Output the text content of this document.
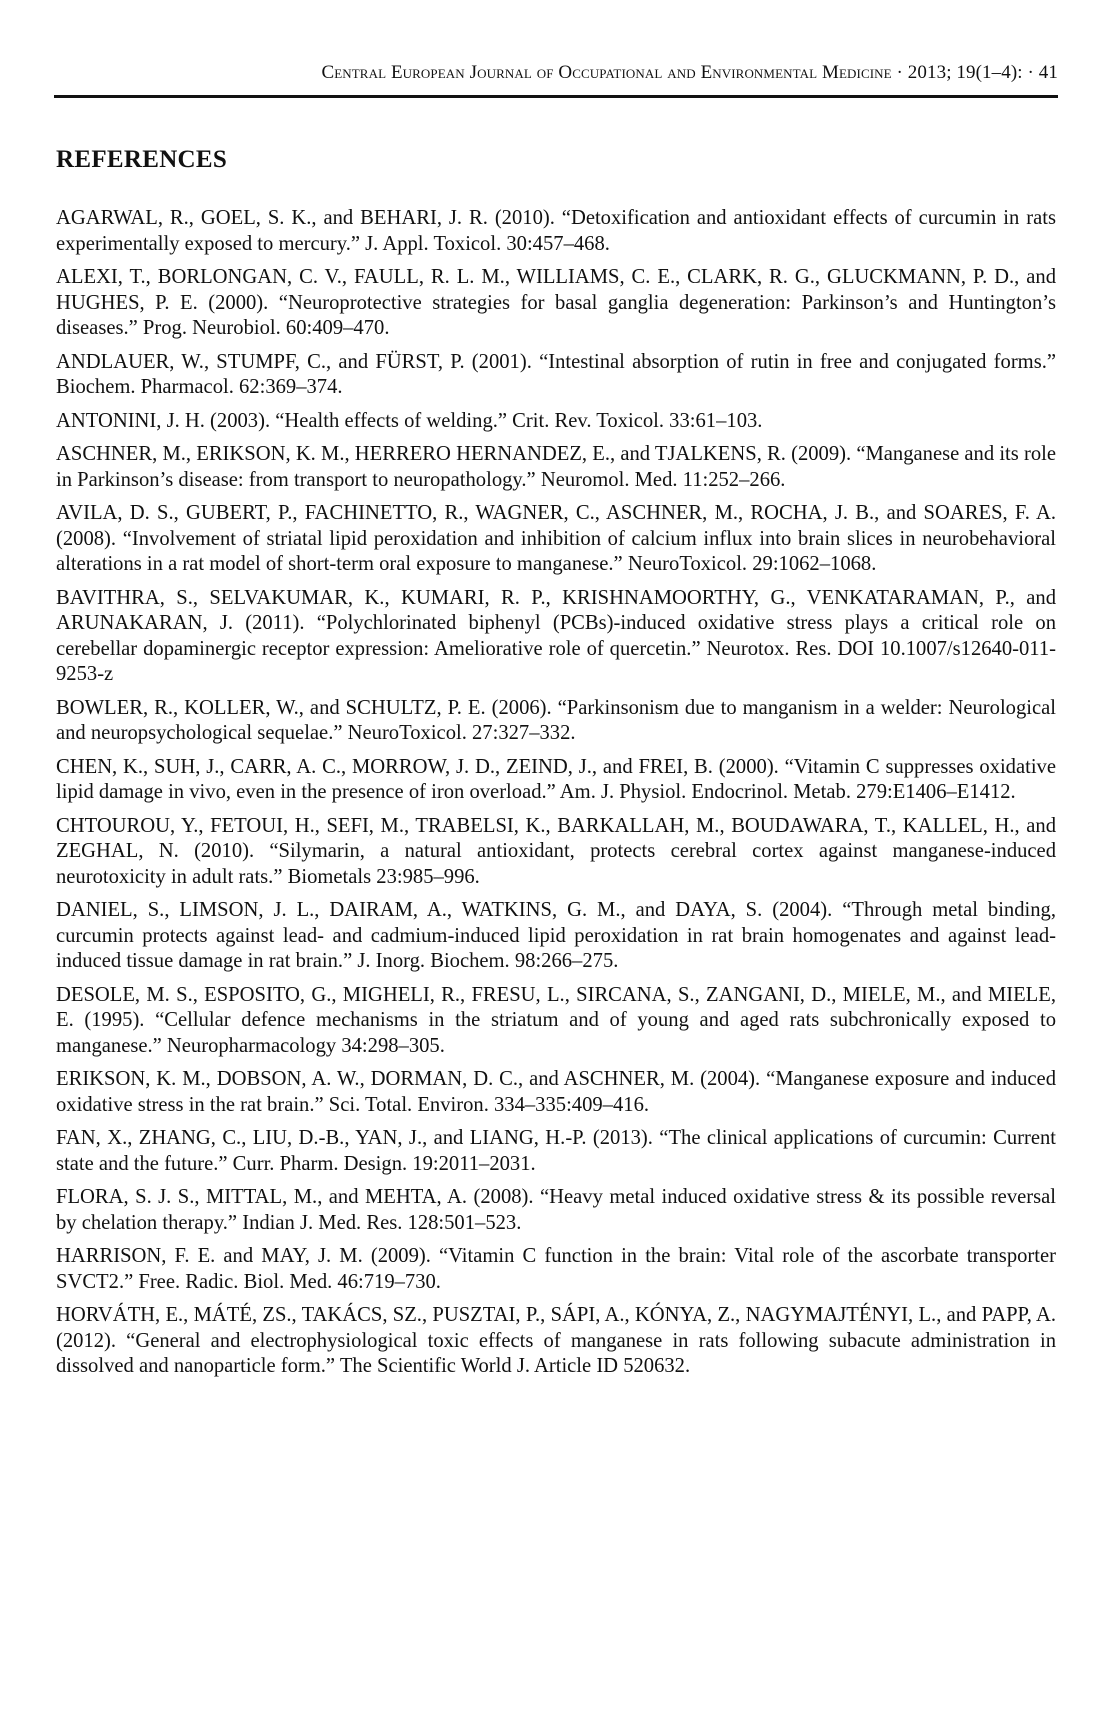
Central European Journal of Occupational and Environmental Medicine · 2013; 19(1–4): · 41
REFERENCES

AGARWAL, R., GOEL, S. K., and BEHARI, J. R. (2010). “Detoxification and antioxidant effects of curcumin in rats experimentally exposed to mercury.” J. Appl. Toxicol. 30:457–468.

ALEXI, T., BORLONGAN, C. V., FAULL, R. L. M., WILLIAMS, C. E., CLARK, R. G., GLUCKMANN, P. D., and HUGHES, P. E. (2000). “Neuroprotective strategies for basal ganglia degeneration: Parkinson’s and Huntington’s diseases.” Prog. Neurobiol. 60:409–470.

ANDLAUER, W., STUMPF, C., and FÜRST, P. (2001). “Intestinal absorption of rutin in free and conjugated forms.” Biochem. Pharmacol. 62:369–374.

ANTONINI, J. H. (2003). “Health effects of welding.” Crit. Rev. Toxicol. 33:61–103.

ASCHNER, M., ERIKSON, K. M., HERRERO HERNANDEZ, E., and TJALKENS, R. (2009). “Manganese and its role in Parkinson’s disease: from transport to neuropathology.” Neuromol. Med. 11:252–266.

AVILA, D. S., GUBERT, P., FACHINETTO, R., WAGNER, C., ASCHNER, M., ROCHA, J. B., and SOARES, F. A. (2008). “Involvement of striatal lipid peroxidation and inhibition of calcium influx into brain slices in neurobehavioral alterations in a rat model of short-term oral exposure to manganese.” NeuroToxicol. 29:1062–1068.

BAVITHRA, S., SELVAKUMAR, K., KUMARI, R. P., KRISHNAMOORTHY, G., VENKATARAMAN, P., and ARUNAKARAN, J. (2011). “Polychlorinated biphenyl (PCBs)-induced oxidative stress plays a critical role on cerebellar dopaminergic receptor expression: Ameliorative role of quercetin.” Neurotox. Res. DOI 10.1007/s12640-011-9253-z

BOWLER, R., KOLLER, W., and SCHULTZ, P. E. (2006). “Parkinsonism due to manganism in a welder: Neurological and neuropsychological sequelae.” NeuroToxicol. 27:327–332.

CHEN, K., SUH, J., CARR, A. C., MORROW, J. D., ZEIND, J., and FREI, B. (2000). “Vitamin C suppresses oxidative lipid damage in vivo, even in the presence of iron overload.” Am. J. Physiol. Endocrinol. Metab. 279:E1406–E1412.

CHTOUROU, Y., FETOUI, H., SEFI, M., TRABELSI, K., BARKALLAH, M., BOUDAWARA, T., KALLEL, H., and ZEGHAL, N. (2010). “Silymarin, a natural antioxidant, protects cerebral cortex against manganese-induced neurotoxicity in adult rats.” Biometals 23:985–996.

DANIEL, S., LIMSON, J. L., DAIRAM, A., WATKINS, G. M., and DAYA, S. (2004). “Through metal binding, curcumin protects against lead- and cadmium-induced lipid peroxidation in rat brain homogenates and against lead-induced tissue damage in rat brain.” J. Inorg. Biochem. 98:266–275.

DESOLE, M. S., ESPOSITO, G., MIGHELI, R., FRESU, L., SIRCANA, S., ZANGANI, D., MIELE, M., and MIELE, E. (1995). “Cellular defence mechanisms in the striatum and of young and aged rats subchronically exposed to manganese.” Neuropharmacology 34:298–305.

ERIKSON, K. M., DOBSON, A. W., DORMAN, D. C., and ASCHNER, M. (2004). “Manganese exposure and induced oxidative stress in the rat brain.” Sci. Total. Environ. 334–335:409–416.

FAN, X., ZHANG, C., LIU, D.-B., YAN, J., and LIANG, H.-P. (2013). “The clinical applications of curcumin: Current state and the future.” Curr. Pharm. Design. 19:2011–2031.

FLORA, S. J. S., MITTAL, M., and MEHTA, A. (2008). “Heavy metal induced oxidative stress & its possible reversal by chelation therapy.” Indian J. Med. Res. 128:501–523.

HARRISON, F. E. and MAY, J. M. (2009). “Vitamin C function in the brain: Vital role of the ascorbate transporter SVCT2.” Free. Radic. Biol. Med. 46:719–730.

HORVÁTH, E., MÁTÉ, ZS., TAKÁCS, SZ., PUSZTAI, P., SÁPI, A., KÓNYA, Z., NAGYMAJTÉNYI, L., and PAPP, A. (2012). “General and electrophysiological toxic effects of manganese in rats following subacute administration in dissolved and nanoparticle form.” The Scientific World J. Article ID 520632.
